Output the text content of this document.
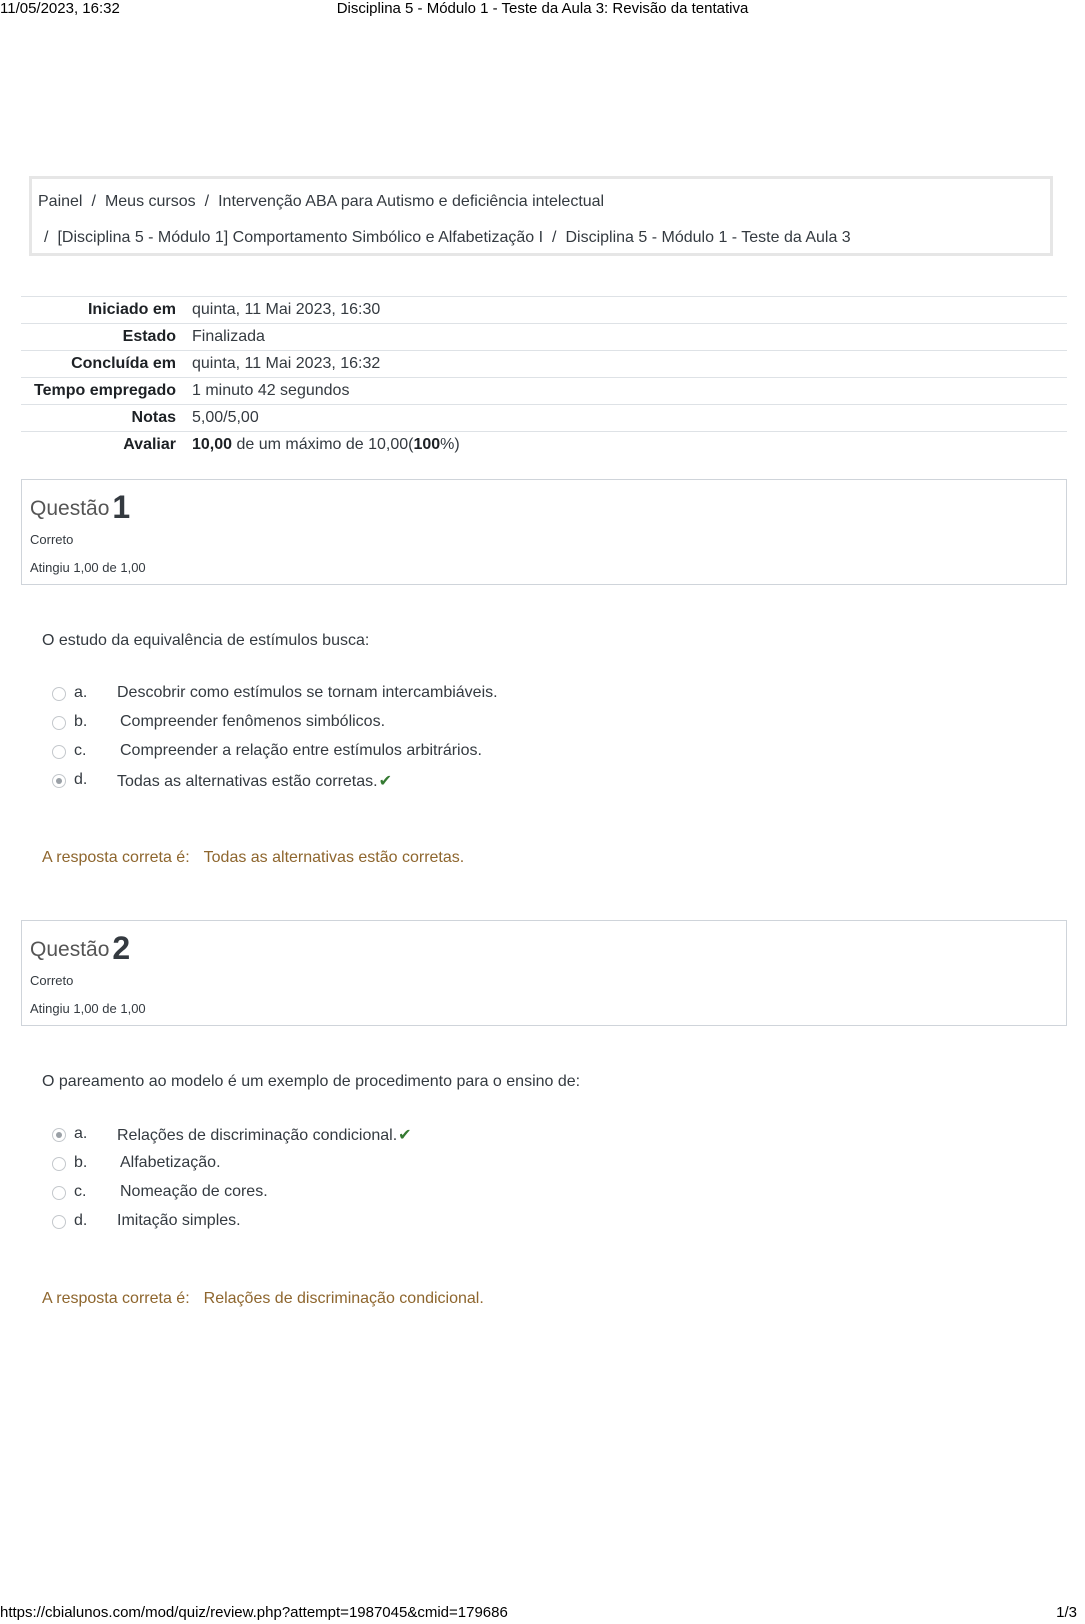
11/05/2023, 16:32	Disciplina 5 - Módulo 1 - Teste da Aula 3: Revisão da tentativa
Painel / Meus cursos / Intervenção ABA para Autismo e deficiência intelectual
/ [Disciplina 5 - Módulo 1] Comportamento Simbólico e Alfabetização I / Disciplina 5 - Módulo 1 - Teste da Aula 3
Iniciado em	quinta, 11 Mai 2023, 16:30
Estado	Finalizada
Concluída em	quinta, 11 Mai 2023, 16:32
Tempo empregado	1 minuto 42 segundos
Notas	5,00/5,00
Avaliar	10,00 de um máximo de 10,00(100%)
Questão1
Correto
Atingiu 1,00 de 1,00
O estudo da equivalência de estímulos busca:
a. Descobrir como estímulos se tornam intercambiáveis.
b. Compreender fenômenos simbólicos.
c. Compreender a relação entre estímulos arbitrários.
d. Todas as alternativas estão corretas.✔
A resposta correta é: Todas as alternativas estão corretas.
Questão2
Correto
Atingiu 1,00 de 1,00
O pareamento ao modelo é um exemplo de procedimento para o ensino de:
a. Relações de discriminação condicional.✔
b. Alfabetização.
c. Nomeação de cores.
d. Imitação simples.
A resposta correta é: Relações de discriminação condicional.
https://cbialunos.com/mod/quiz/review.php?attempt=1987045&cmid=179686	1/3
